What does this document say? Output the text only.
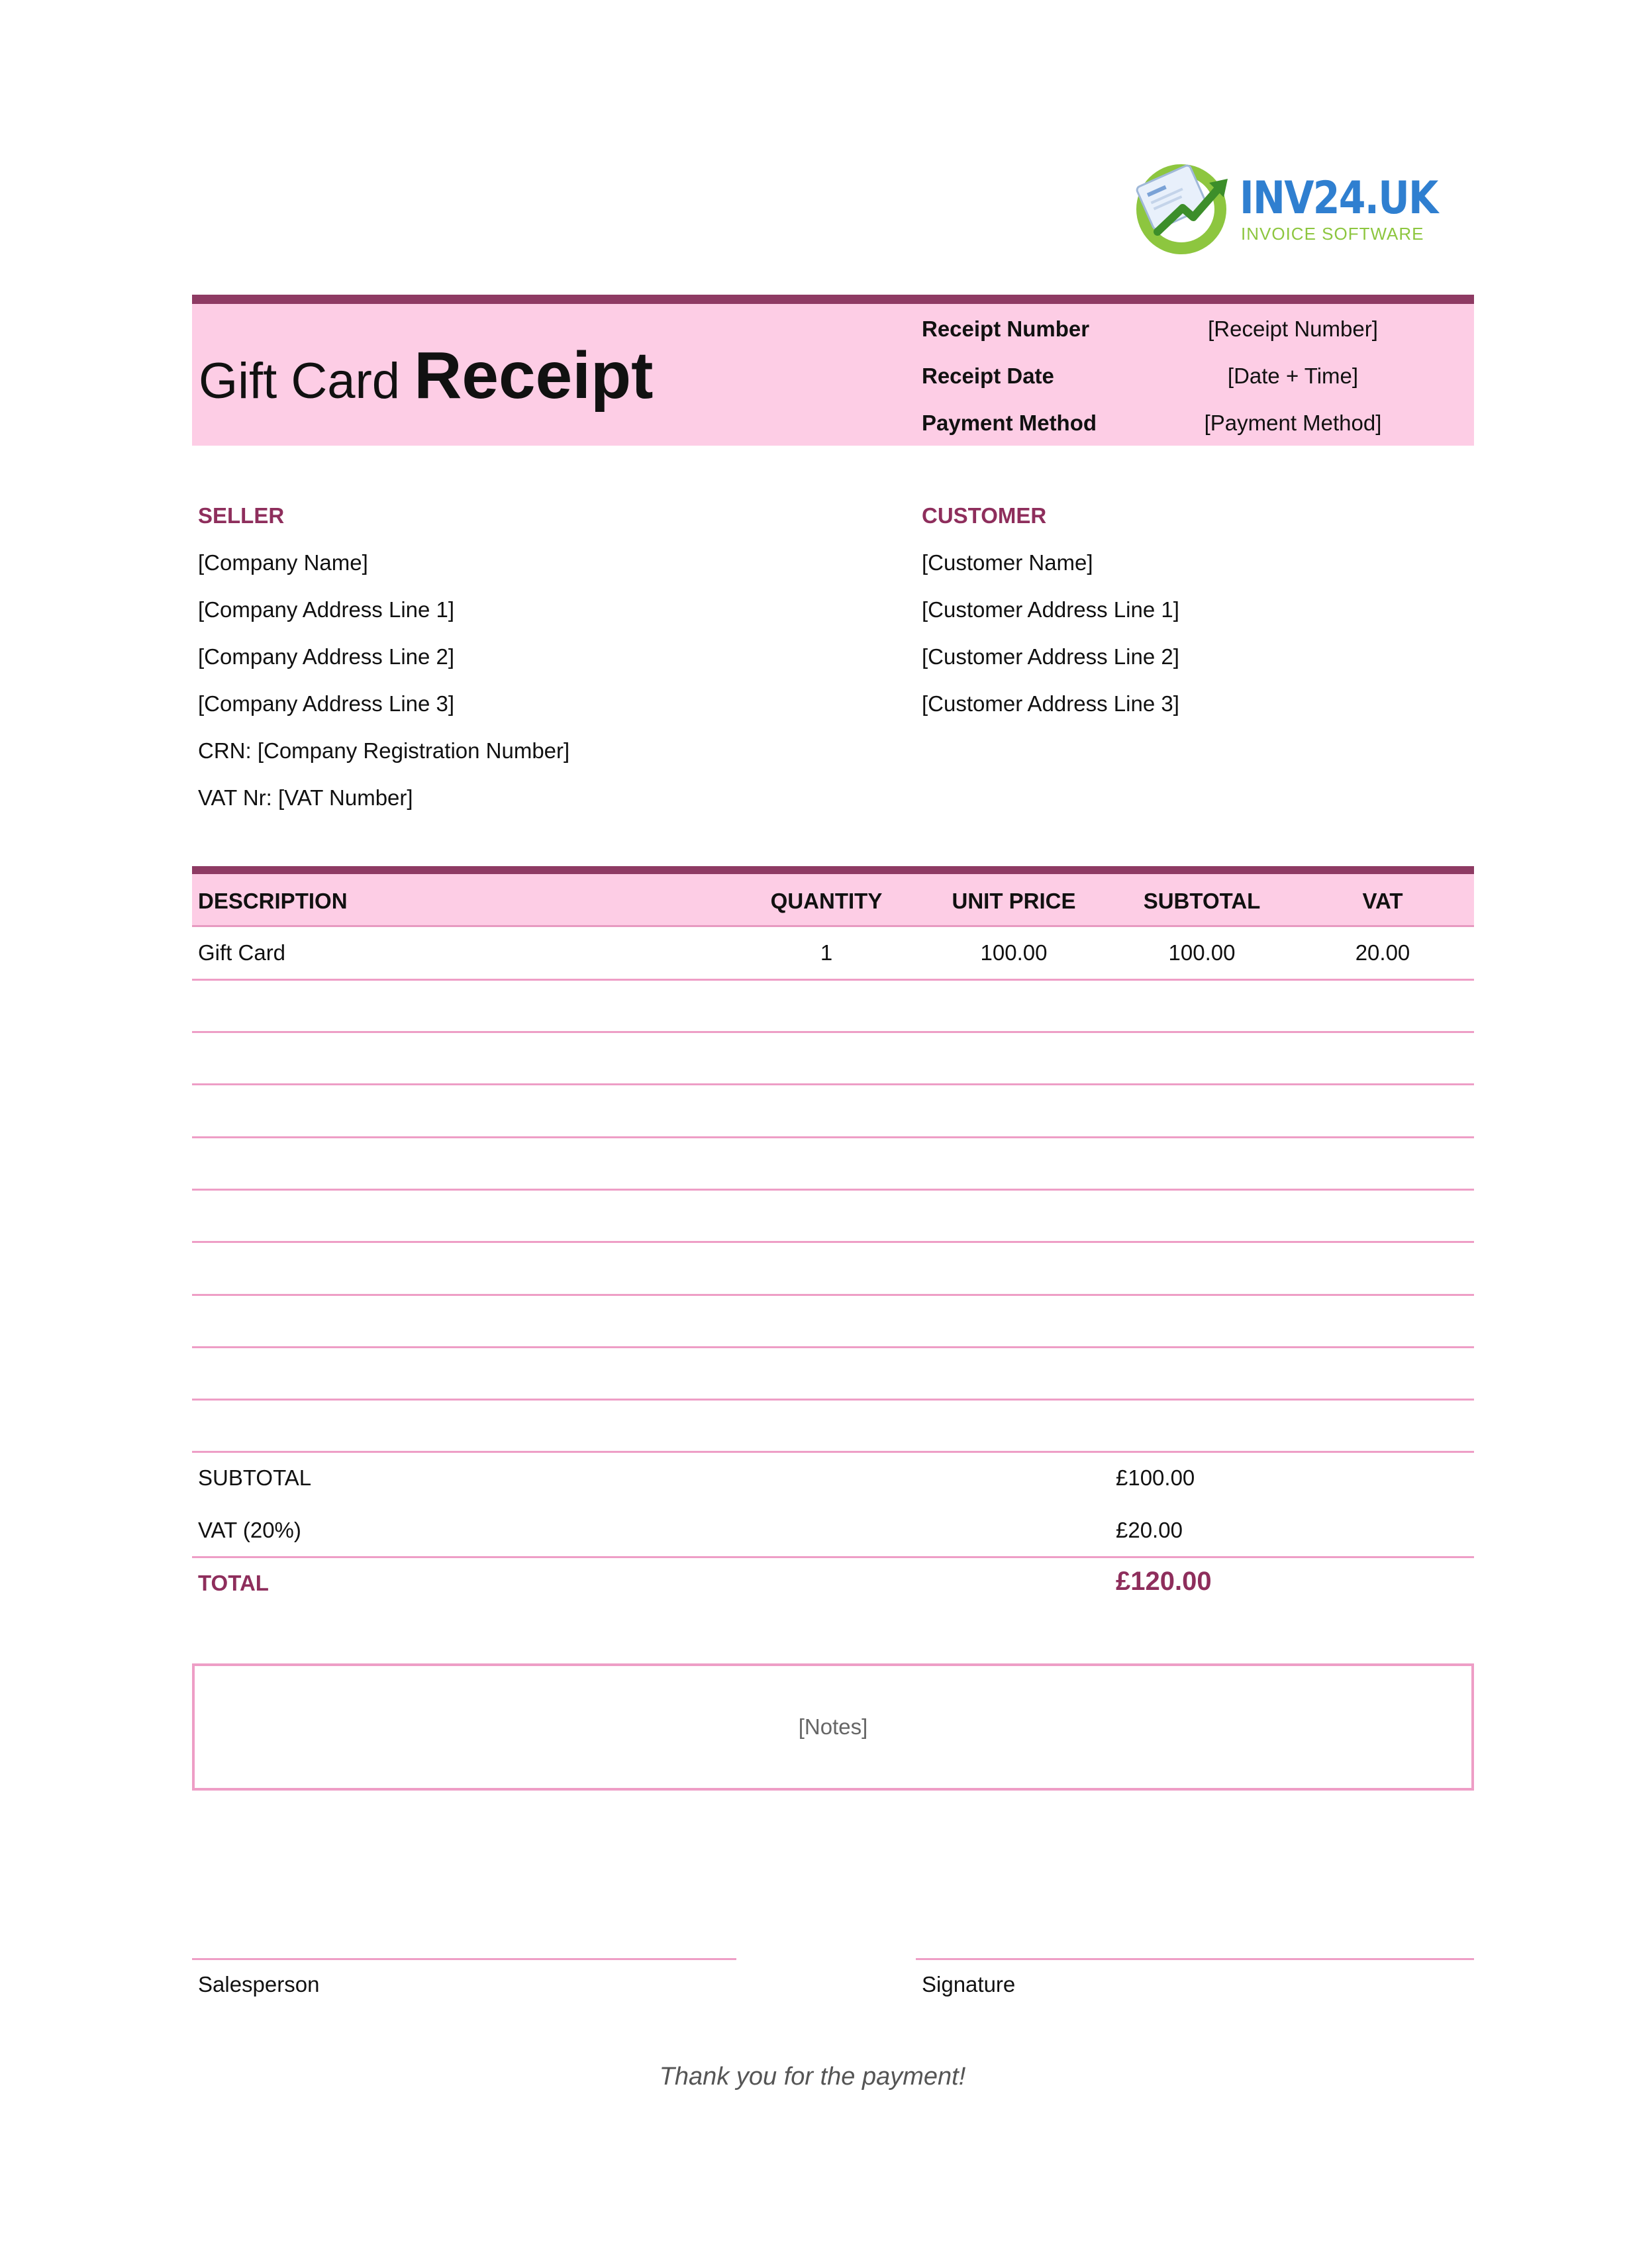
INV24.UK
INVOICE SOFTWARE
Gift Card Receipt
Receipt Number	[Receipt Number]
Receipt Date	[Date + Time]
Payment Method	[Payment Method]
SELLER
[Company Name]
[Company Address Line 1]
[Company Address Line 2]
[Company Address Line 3]
CRN: [Company Registration Number]
VAT Nr: [VAT Number]
CUSTOMER
[Customer Name]
[Customer Address Line 1]
[Customer Address Line 2]
[Customer Address Line 3]
DESCRIPTION	QUANTITY	UNIT PRICE	SUBTOTAL	VAT
Gift Card	1	100.00	100.00	20.00
SUBTOTAL	£100.00
VAT (20%)	£20.00
TOTAL	£120.00
[Notes]
Salesperson	Signature
Thank you for the payment!
